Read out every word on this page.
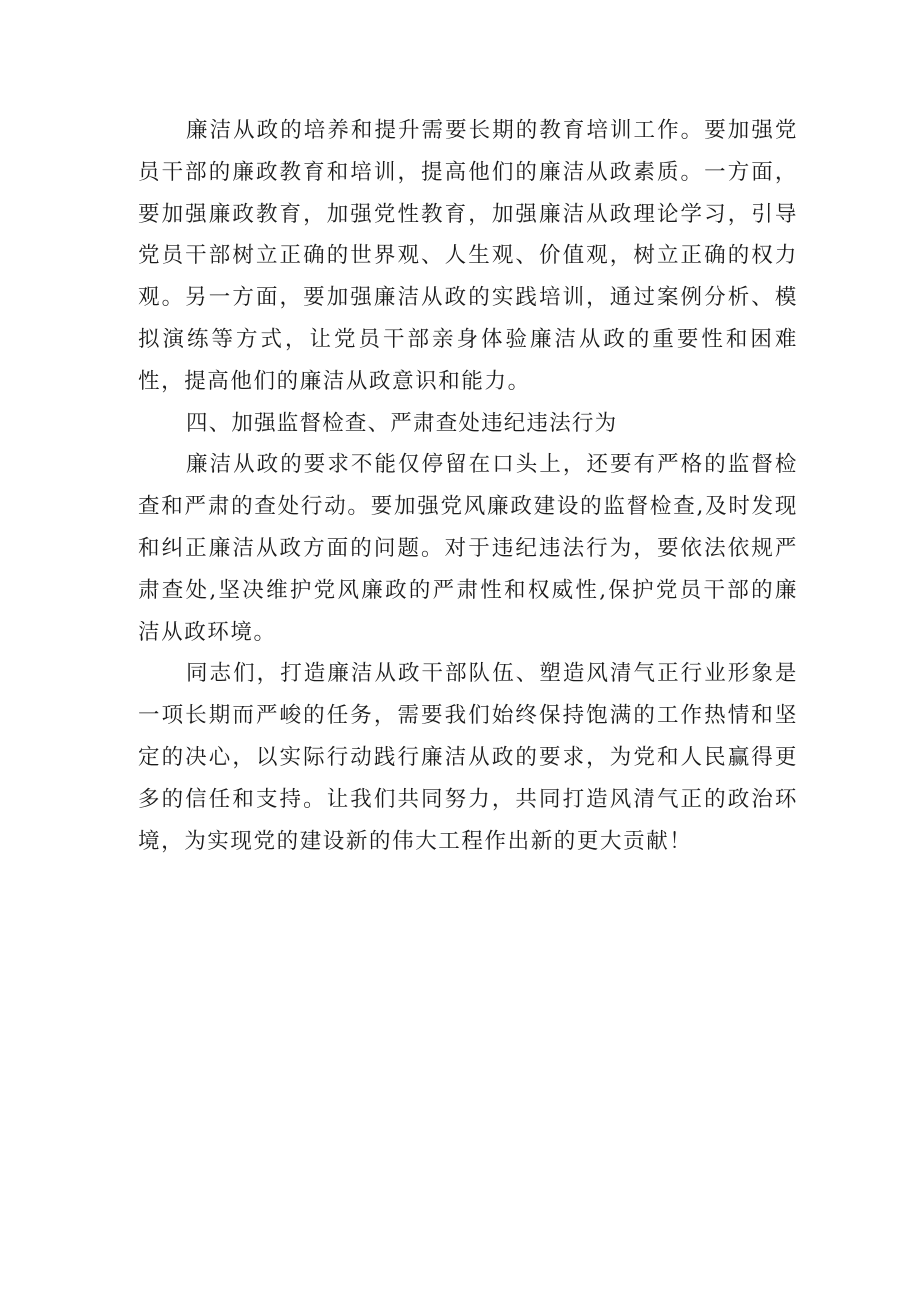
廉洁从政的培养和提升需要长期的教育培训工作。要加强党员干部的廉政教育和培训，提高他们的廉洁从政素质。一方面，要加强廉政教育，加强党性教育，加强廉洁从政理论学习，引导党员干部树立正确的世界观、人生观、价值观，树立正确的权力观。另一方面，要加强廉洁从政的实践培训，通过案例分析、模拟演练等方式，让党员干部亲身体验廉洁从政的重要性和困难性，提高他们的廉洁从政意识和能力。

四、加强监督检查、严肃查处违纪违法行为

廉洁从政的要求不能仅停留在口头上，还要有严格的监督检查和严肃的查处行动。要加强党风廉政建设的监督检查,及时发现和纠正廉洁从政方面的问题。对于违纪违法行为，要依法依规严肃查处,坚决维护党风廉政的严肃性和权威性,保护党员干部的廉洁从政环境。

同志们，打造廉洁从政干部队伍、塑造风清气正行业形象是一项长期而严峻的任务，需要我们始终保持饱满的工作热情和坚定的决心，以实际行动践行廉洁从政的要求，为党和人民赢得更多的信任和支持。让我们共同努力，共同打造风清气正的政治环境，为实现党的建设新的伟大工程作出新的更大贡献！
